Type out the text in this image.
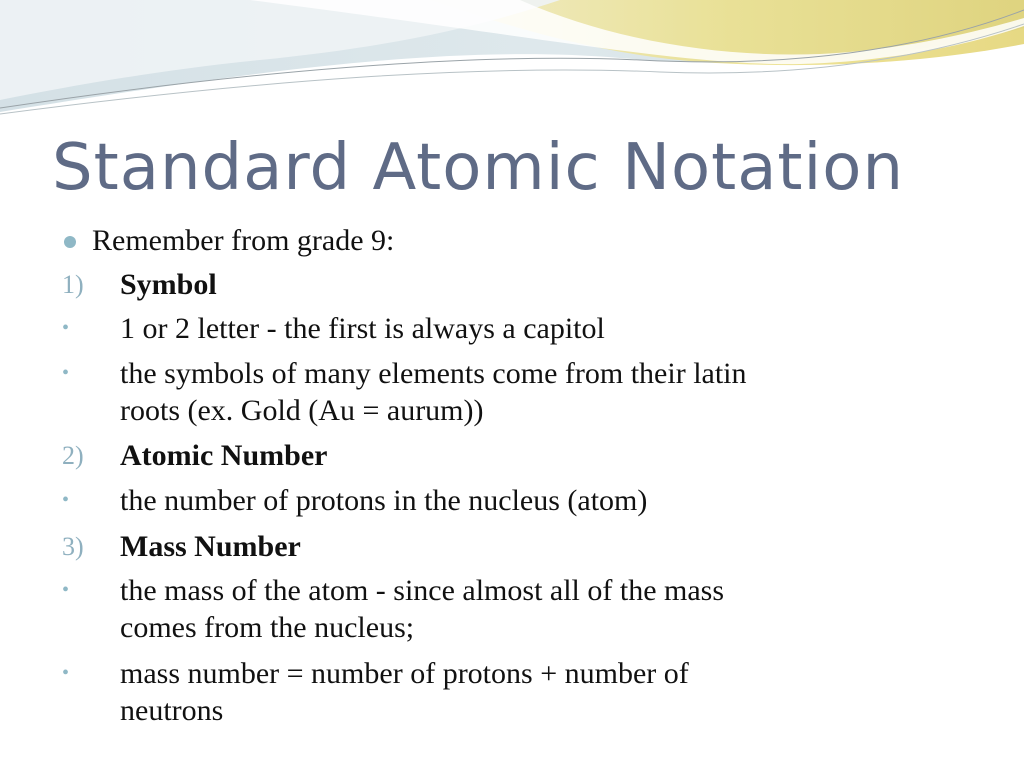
Standard Atomic Notation
Remember from grade 9:
1) Symbol
• 1 or 2 letter - the first is always a capitol
• the symbols of many elements come from their latin
roots (ex. Gold (Au = aurum))
2) Atomic Number
• the number of protons in the nucleus (atom)
3) Mass Number
• the mass of the atom - since almost all of the mass
comes from the nucleus;
• mass number = number of protons + number of
neutrons
